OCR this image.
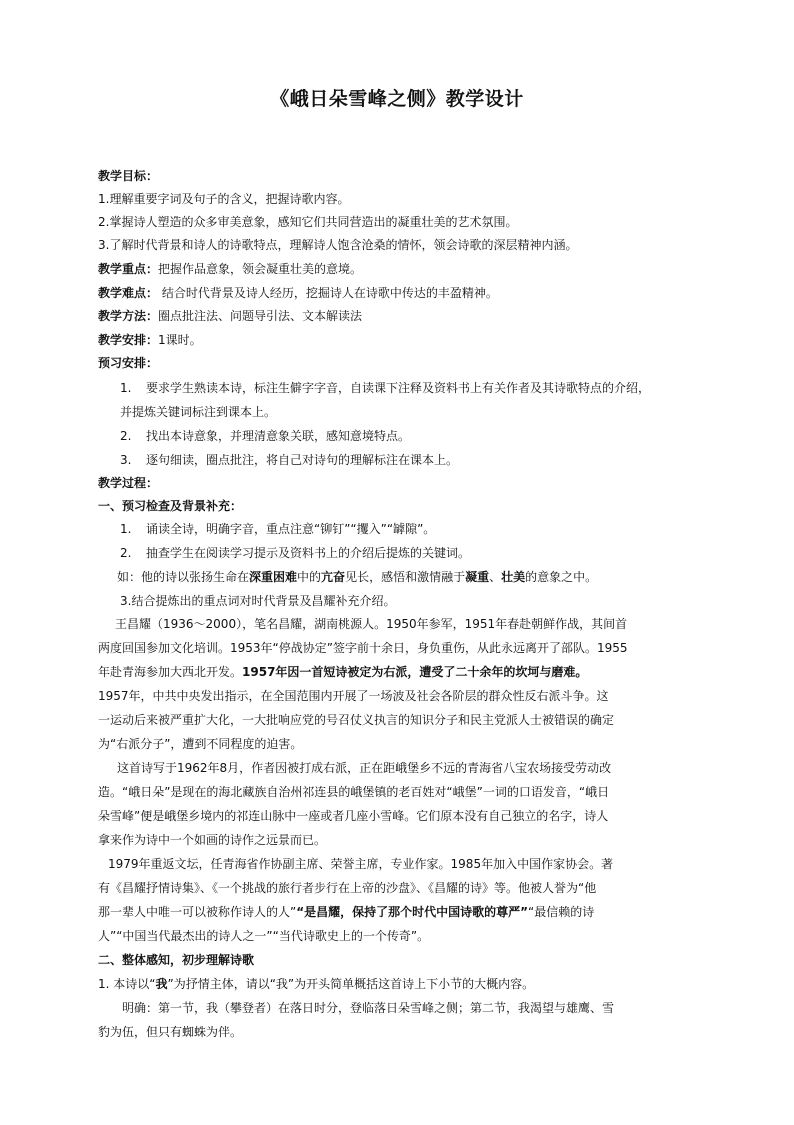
《峨日朵雪峰之侧》教学设计
教学目标：
1.理解重要字词及句子的含义，把握诗歌内容。
2.掌握诗人塑造的众多审美意象，感知它们共同营造出的凝重壮美的艺术氛围。
3.了解时代背景和诗人的诗歌特点，理解诗人饱含沧桑的情怀，领会诗歌的深层精神内涵。
教学重点：把握作品意象，领会凝重壮美的意境。
教学难点： 结合时代背景及诗人经历，挖掘诗人在诗歌中传达的丰盈精神。
教学方法：圈点批注法、问题导引法、文本解读法
教学安排：1课时。
预习安排：
1. 要求学生熟读本诗，标注生僻字字音，自读课下注释及资料书上有关作者及其诗歌特点的介绍，
并提炼关键词标注到课本上。
2. 找出本诗意象，并理清意象关联，感知意境特点。
3. 逐句细读，圈点批注，将自己对诗句的理解标注在课本上。
教学过程：
一、预习检查及背景补充：
1. 诵读全诗，明确字音，重点注意“铆钉”“攫入”“罅隙”。
2. 抽查学生在阅读学习提示及资料书上的介绍后提炼的关键词。
如：他的诗以张扬生命在深重困难中的亢奋见长，感悟和激情融于凝重、壮美的意象之中。
3.结合提炼出的重点词对时代背景及昌耀补充介绍。
王昌耀（1936～2000），笔名昌耀，湖南桃源人。1950年参军，1951年春赴朝鲜作战，其间首
两度回国参加文化培训。1953年“停战协定”签字前十余日，身负重伤，从此永远离开了部队。1955
年赴青海参加大西北开发。1957年因一首短诗被定为右派，遭受了二十余年的坎坷与磨难。
1957年，中共中央发出指示，在全国范围内开展了一场波及社会各阶层的群众性反右派斗争。这
一运动后来被严重扩大化，一大批响应党的号召仗义执言的知识分子和民主党派人士被错误的确定
为“右派分子”，遭到不同程度的迫害。
这首诗写于1962年8月，作者因被打成右派，正在距峨堡乡不远的青海省八宝农场接受劳动改
造。“峨日朵”是现在的海北藏族自治州祁连县的峨堡镇的老百姓对“峨堡”一词的口语发音，“峨日
朵雪峰”便是峨堡乡境内的祁连山脉中一座或者几座小雪峰。它们原本没有自己独立的名字，诗人
拿来作为诗中一个如画的诗作之远景而已。
1979年重返文坛，任青海省作协副主席、荣誉主席，专业作家。1985年加入中国作家协会。著
有《昌耀抒情诗集》、《一个挑战的旅行者步行在上帝的沙盘》、《昌耀的诗》等。他被人誉为“他
那一辈人中唯一可以被称作诗人的人”“是昌耀，保持了那个时代中国诗歌的尊严”“最信赖的诗
人”“中国当代最杰出的诗人之一”“当代诗歌史上的一个传奇”。
二、整体感知，初步理解诗歌
1. 本诗以“我”为抒情主体，请以“我”为开头简单概括这首诗上下小节的大概内容。
明确：第一节，我（攀登者）在落日时分，登临落日朵雪峰之侧；第二节，我渴望与雄鹰、雪
豹为伍，但只有蜘蛛为伴。
